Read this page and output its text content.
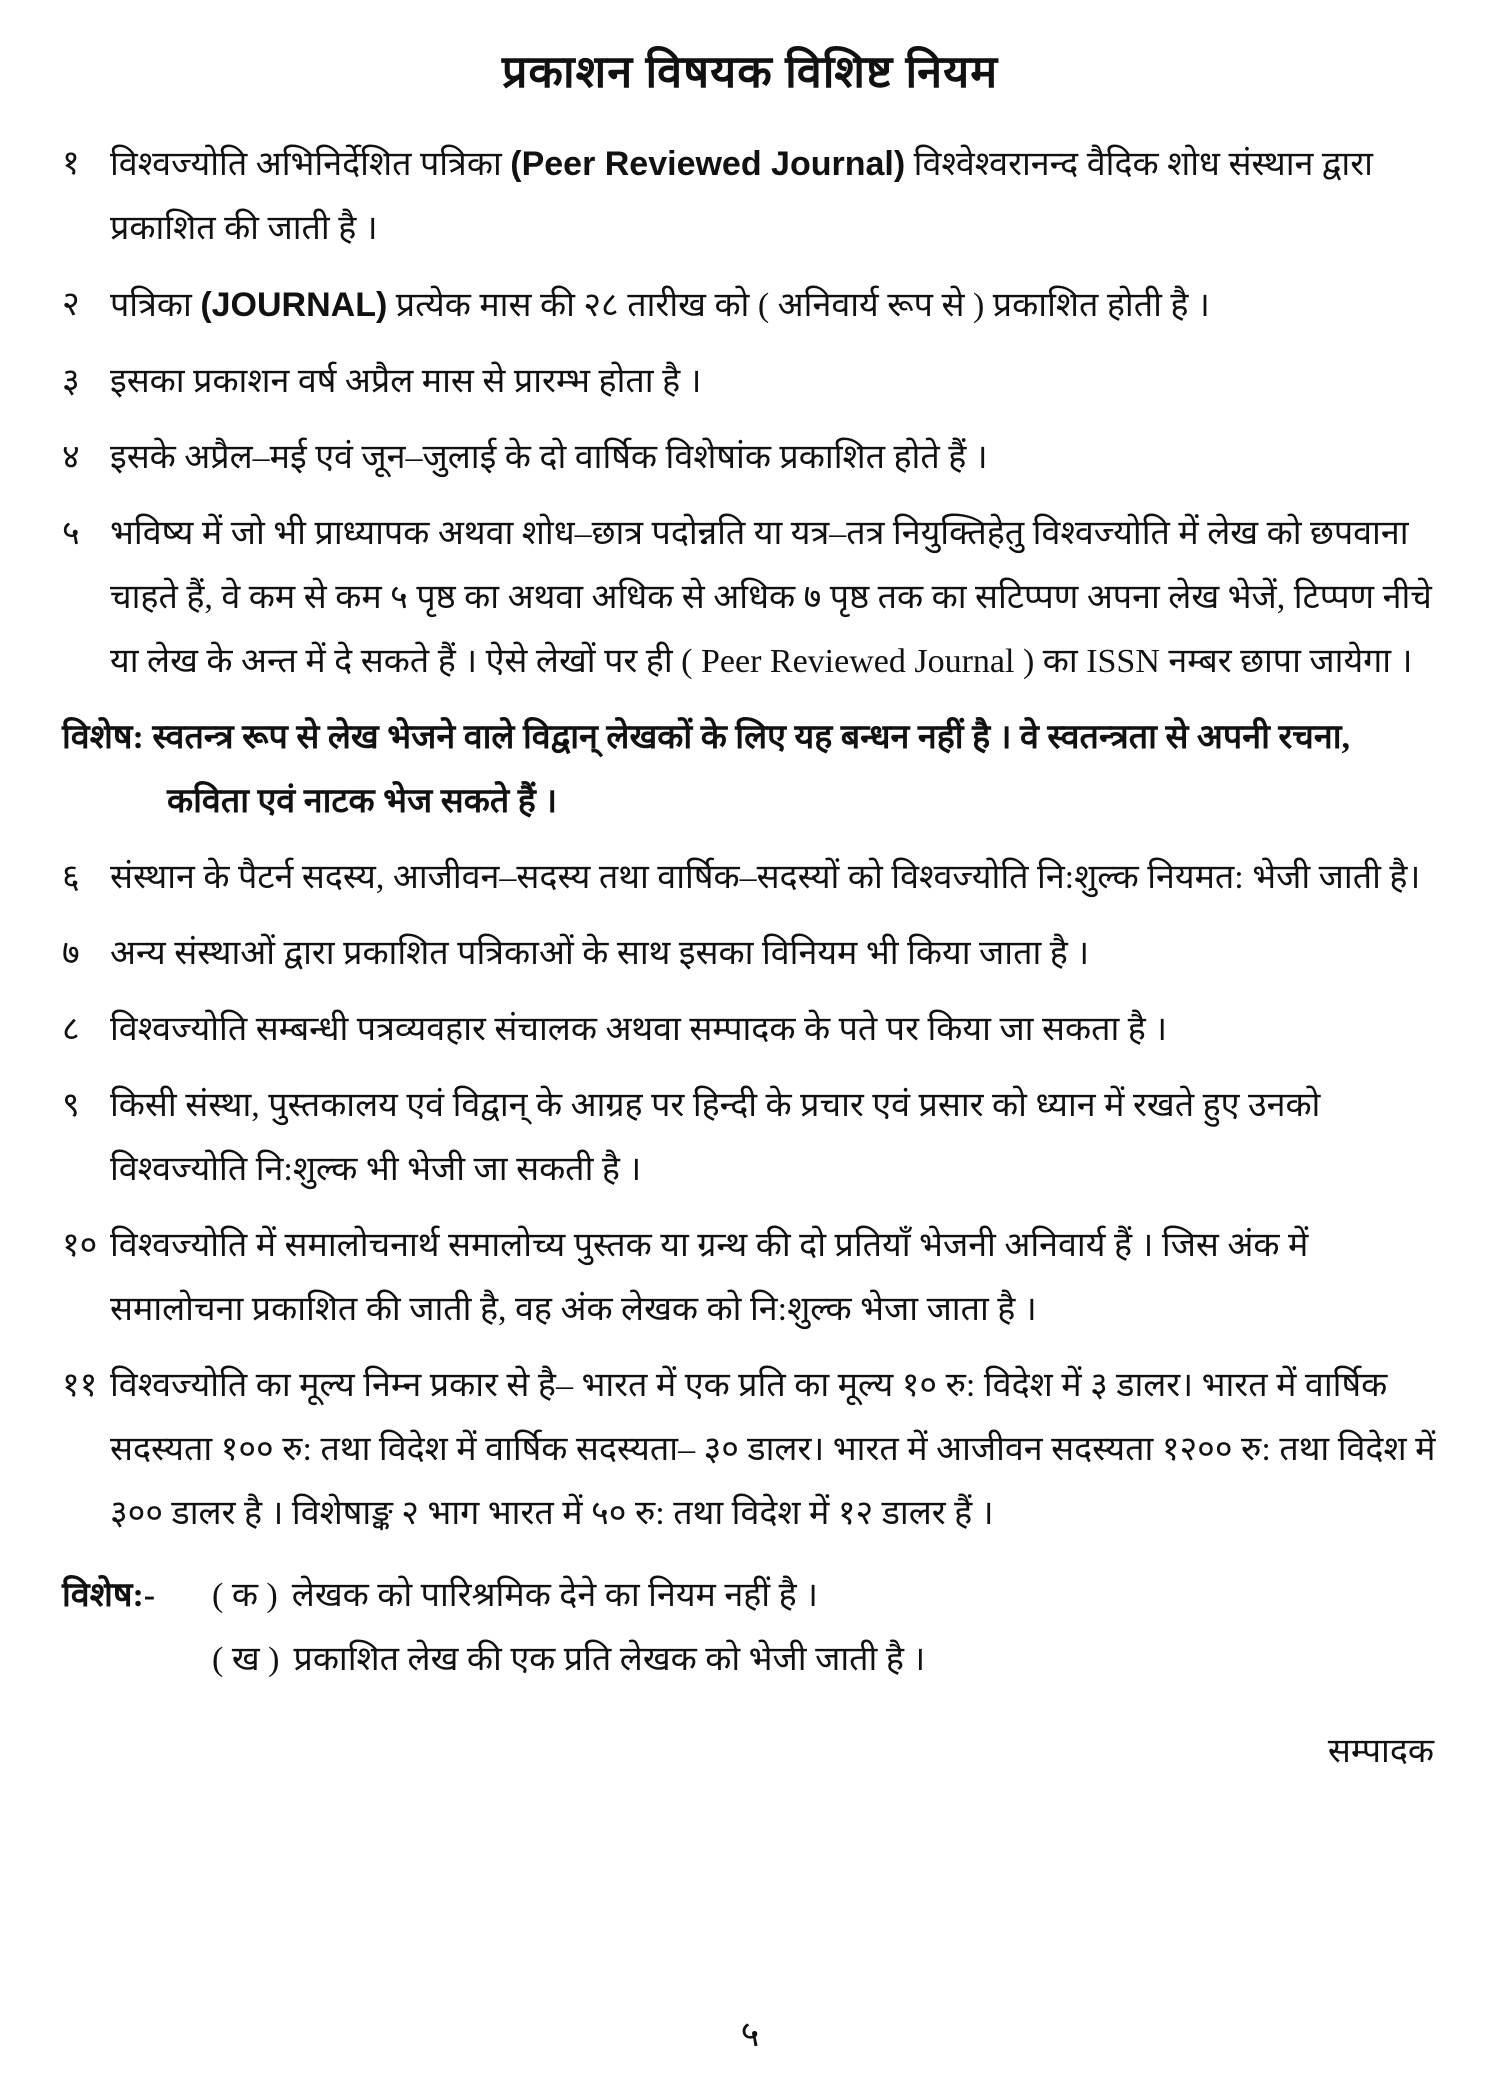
प्रकाशन विषयक विशिष्ट नियम
१ विश्वज्योति अभिनिर्देशित पत्रिका (Peer Reviewed Journal) विश्वेश्वरानन्द वैदिक शोध संस्थान द्वारा प्रकाशित की जाती है ।
२ पत्रिका (JOURNAL) प्रत्येक मास की २८ तारीख को ( अनिवार्य रूप से ) प्रकाशित होती है ।
३ इसका प्रकाशन वर्ष अप्रैल मास से प्रारम्भ होता है ।
४ इसके अप्रैल–मई एवं जून–जुलाई के दो वार्षिक विशेषांक प्रकाशित होते हैं ।
५ भविष्य में जो भी प्राध्यापक अथवा शोध–छात्र पदोन्नति या यत्र–तत्र नियुक्तिहेतु विश्वज्योति में लेख को छपवाना चाहते हैं, वे कम से कम ५ पृष्ठ का अथवा अधिक से अधिक ७ पृष्ठ तक का सटिप्पण अपना लेख भेजें, टिप्पण नीचे या लेख के अन्त में दे सकते हैं । ऐसे लेखों पर ही ( Peer Reviewed Journal ) का ISSN नम्बर छापा जायेगा ।
विशेष: स्वतन्त्र रूप से लेख भेजने वाले विद्वान् लेखकों के लिए यह बन्धन नहीं है । वे स्वतन्त्रता से अपनी रचना, कविता एवं नाटक भेज सकते हैं ।
६ संस्थान के पैटर्न सदस्य, आजीवन–सदस्य तथा वार्षिक–सदस्यों को विश्वज्योति नि:शुल्क नियमत: भेजी जाती है।
७ अन्य संस्थाओं द्वारा प्रकाशित पत्रिकाओं के साथ इसका विनियम भी किया जाता है ।
८ विश्वज्योति सम्बन्धी पत्रव्यवहार संचालक अथवा सम्पादक के पते पर किया जा सकता है ।
९ किसी संस्था, पुस्तकालय एवं विद्वान् के आग्रह पर हिन्दी के प्रचार एवं प्रसार को ध्यान में रखते हुए उनको विश्वज्योति नि:शुल्क भी भेजी जा सकती है ।
१० विश्वज्योति में समालोचनार्थ समालोच्य पुस्तक या ग्रन्थ की दो प्रतियाँ भेजनी अनिवार्य हैं । जिस अंक में समालोचना प्रकाशित की जाती है, वह अंक लेखक को नि:शुल्क भेजा जाता है ।
११ विश्वज्योति का मूल्य निम्न प्रकार से है– भारत में एक प्रति का मूल्य १० रु: विदेश में ३ डालर। भारत में वार्षिक सदस्यता १०० रु: तथा विदेश में वार्षिक सदस्यता– ३० डालर। भारत में आजीवन सदस्यता १२०० रु: तथा विदेश में ३०० डालर है । विशेषाङ्क २ भाग भारत में ५० रु: तथा विदेश में १२ डालर हैं ।
विशेष:-	( क ) लेखक को पारिश्रमिक देने का नियम नहीं है ।
( ख ) प्रकाशित लेख की एक प्रति लेखक को भेजी जाती है ।
सम्पादक
५
